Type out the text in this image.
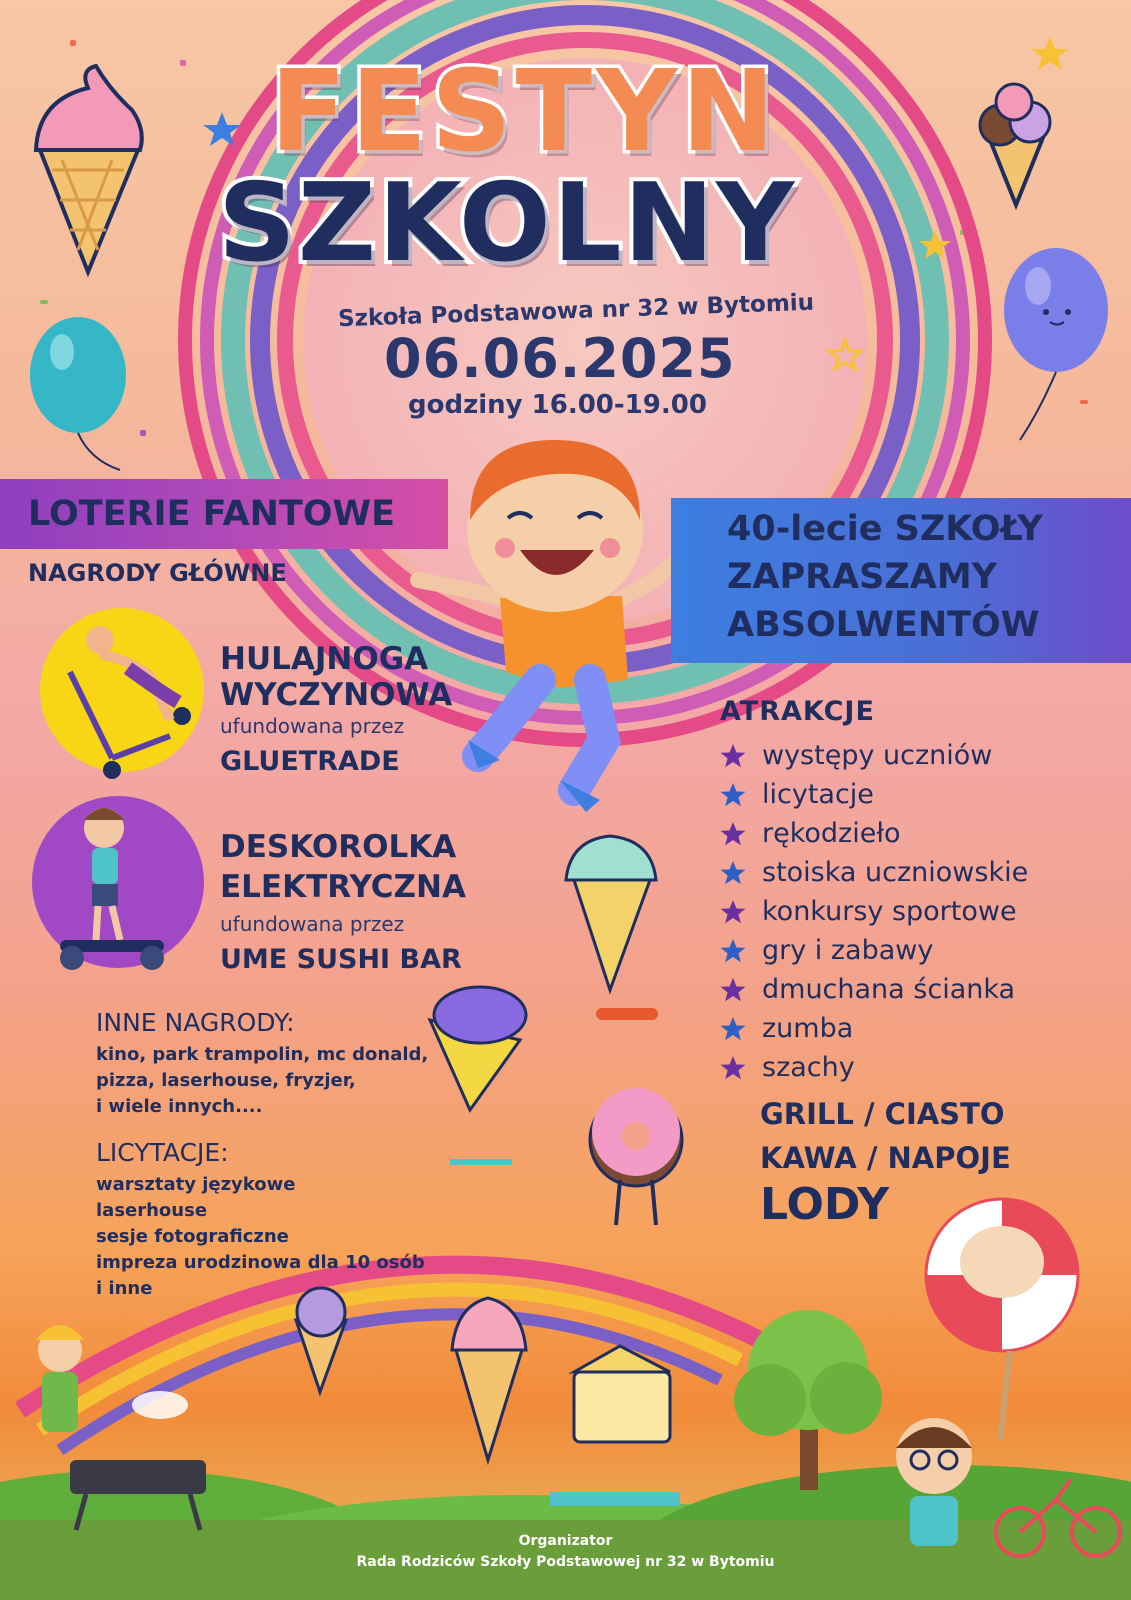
FESTYN
SZKOLNY
Szkoła Podstawowa nr 32 w Bytomiu
06.06.2025
godziny 16.00-19.00
LOTERIE FANTOWE
NAGRODY GŁÓWNE
40-lecie SZKOŁY
ZAPRASZAMY
ABSOLWENTÓW
HULAJNOGA
WYCZYNOWA
ufundowana przez
GLUETRADE
DESKOROLKA
ELEKTRYCZNA
ufundowana przez
UME SUSHI BAR
INNE NAGRODY:
kino, park trampolin, mc donald,
pizza, laserhouse, fryzjer,
i wiele innych....
LICYTACJE:
warsztaty językowe
laserhouse
sesje fotograficzne
impreza urodzinowa dla 10 osób
i inne
ATRAKCJE
występy uczniów
licytacje
rękodzieło
stoiska uczniowskie
konkursy sportowe
gry i zabawy
dmuchana ścianka
zumba
szachy
GRILL / CIASTO
KAWA / NAPOJE
LODY
Organizator
Rada Rodziców Szkoły Podstawowej nr 32 w Bytomiu
